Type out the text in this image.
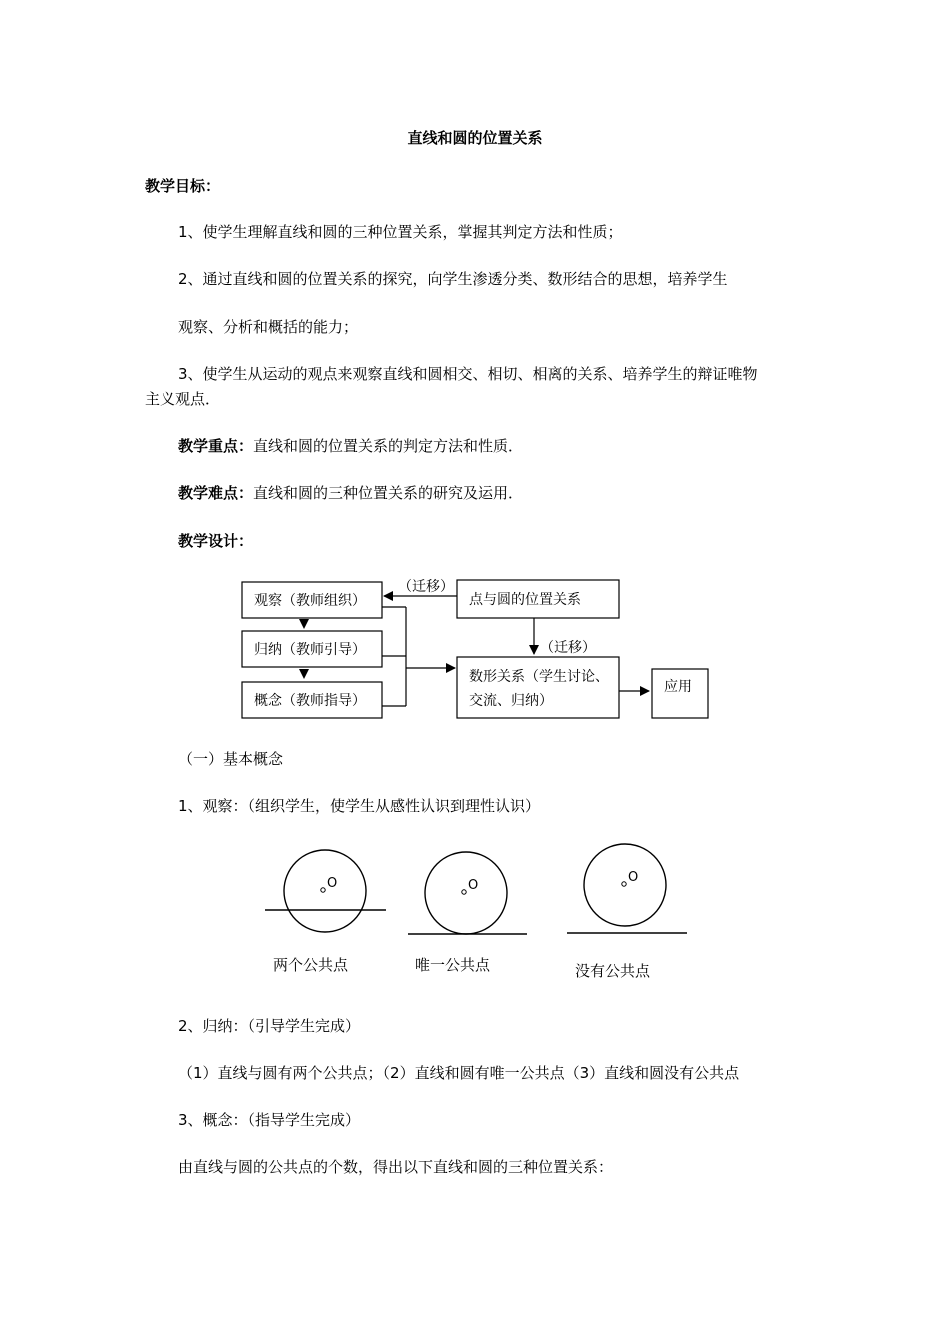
直线和圆的位置关系
教学目标：
1、使学生理解直线和圆的三种位置关系，掌握其判定方法和性质；
2、通过直线和圆的位置关系的探究，向学生渗透分类、数形结合的思想，培养学生
观察、分析和概括的能力；
3、使学生从运动的观点来观察直线和圆相交、相切、相离的关系、培养学生的辩证唯物
主义观点．
教学重点：直线和圆的位置关系的判定方法和性质．
教学难点：直线和圆的三种位置关系的研究及运用．
教学设计：
观察（教师组织）
归纳（教师引导）
概念（教师指导）
点与圆的位置关系
（迁移）
（迁移）
数形关系（学生讨论、
交流、归纳）
应用
O
两个公共点
O
唯一公共点
O
没有公共点
（一）基本概念
1、观察：（组织学生，使学生从感性认识到理性认识）
2、归纳：（引导学生完成）
（1）直线与圆有两个公共点；（2）直线和圆有唯一公共点（3）直线和圆没有公共点
3、概念：（指导学生完成）
由直线与圆的公共点的个数，得出以下直线和圆的三种位置关系：
